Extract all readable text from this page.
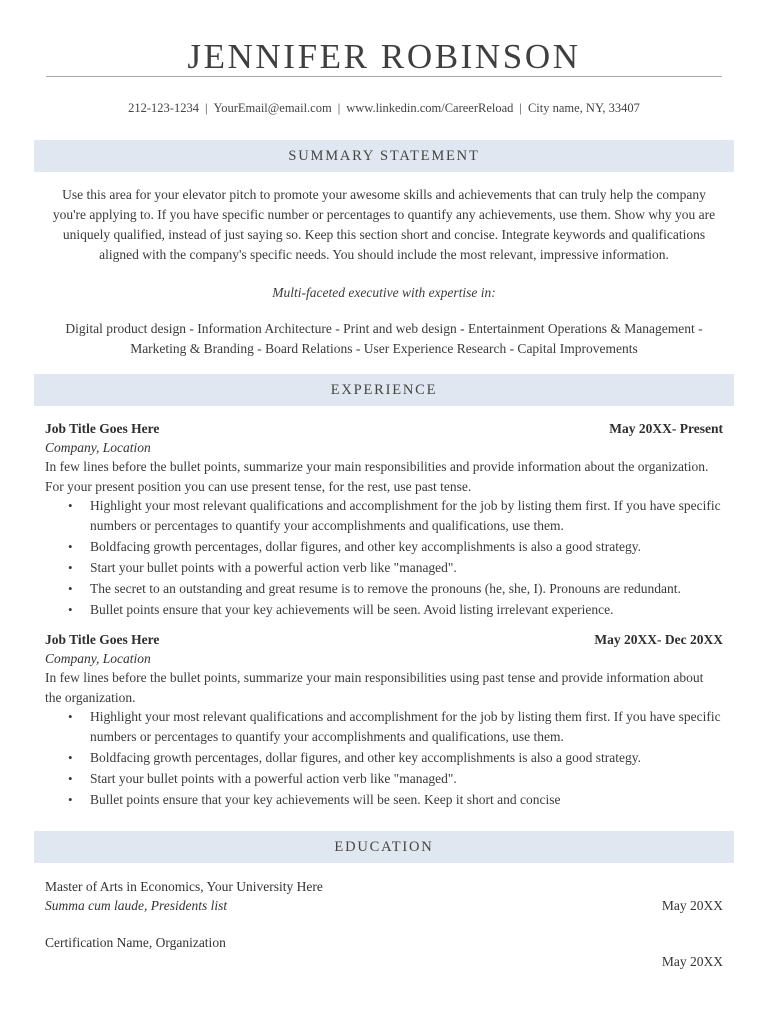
JENNIFER ROBINSON
212-123-1234 | YourEmail@email.com | www.linkedin.com/CareerReload | City name, NY, 33407
SUMMARY STATEMENT
Use this area for your elevator pitch to promote your awesome skills and achievements that can truly help the company you're applying to. If you have specific number or percentages to quantify any achievements, use them. Show why you are uniquely qualified, instead of just saying so. Keep this section short and concise. Integrate keywords and qualifications aligned with the company's specific needs. You should include the most relevant, impressive information.
Multi-faceted executive with expertise in:
Digital product design - Information Architecture - Print and web design - Entertainment Operations & Management - Marketing & Branding - Board Relations - User Experience Research - Capital Improvements
EXPERIENCE
Job Title Goes Here	May 20XX- Present
Company, Location
In few lines before the bullet points, summarize your main responsibilities and provide information about the organization. For your present position you can use present tense, for the rest, use past tense.
• Highlight your most relevant qualifications and accomplishment for the job by listing them first. If you have specific numbers or percentages to quantify your accomplishments and qualifications, use them.
• Boldfacing growth percentages, dollar figures, and other key accomplishments is also a good strategy.
• Start your bullet points with a powerful action verb like "managed".
• The secret to an outstanding and great resume is to remove the pronouns (he, she, I). Pronouns are redundant.
• Bullet points ensure that your key achievements will be seen. Avoid listing irrelevant experience.
Job Title Goes Here	May 20XX- Dec 20XX
Company, Location
In few lines before the bullet points, summarize your main responsibilities using past tense and provide information about the organization.
• Highlight your most relevant qualifications and accomplishment for the job by listing them first. If you have specific numbers or percentages to quantify your accomplishments and qualifications, use them.
• Boldfacing growth percentages, dollar figures, and other key accomplishments is also a good strategy.
• Start your bullet points with a powerful action verb like "managed".
• Bullet points ensure that your key achievements will be seen. Keep it short and concise
EDUCATION
Master of Arts in Economics, Your University Here
Summa cum laude, Presidents list	May 20XX
Certification Name, Organization
May 20XX
